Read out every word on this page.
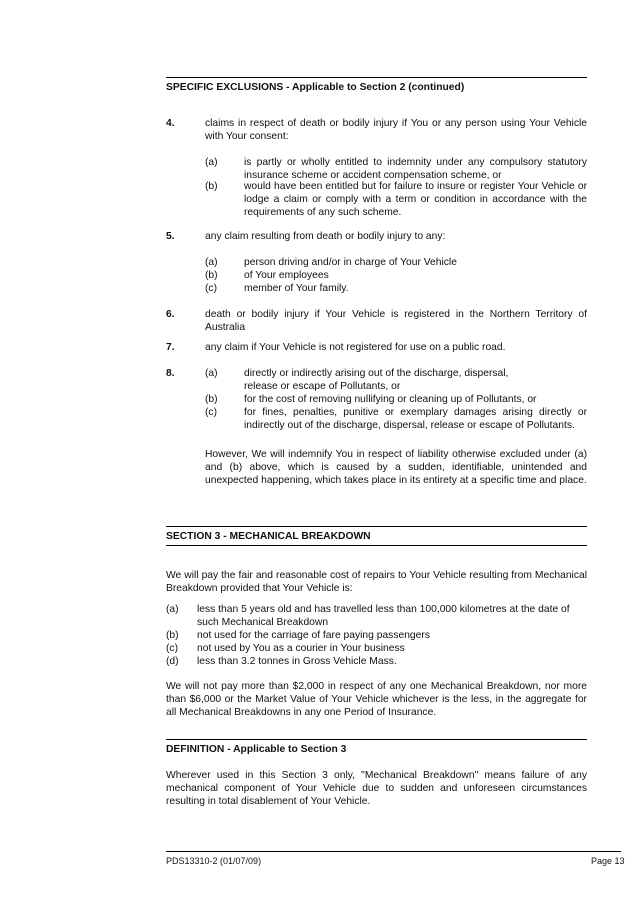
SPECIFIC EXCLUSIONS - Applicable to Section 2 (continued)
4.	claims in respect of death or bodily injury if You or any person using Your Vehicle with Your consent:
(a)	is partly or wholly entitled to indemnity under any compulsory statutory insurance scheme or accident compensation scheme, or
(b)	would have been entitled but for failure to insure or register Your Vehicle or lodge a claim or comply with a term or condition in accordance with the requirements of any such scheme.
5.	any claim resulting from death or bodily injury to any:
(a)	person driving and/or in charge of Your Vehicle
(b)	of Your employees
(c)	member of Your family.
6.	death or bodily injury if Your Vehicle is registered in the Northern Territory of Australia
7.	any claim if Your Vehicle is not registered for use on a public road.
8.	(a)	directly or indirectly arising out of the discharge, dispersal, release or escape of Pollutants, or
(b)	for the cost of removing nullifying or cleaning up of Pollutants, or
(c)	for fines, penalties, punitive or exemplary damages arising directly or indirectly out of the discharge, dispersal, release or escape of Pollutants.
However, We will indemnify You in respect of liability otherwise excluded under (a) and (b) above, which is caused by a sudden, identifiable, unintended and unexpected happening, which takes place in its entirety at a specific time and place.
SECTION 3 - MECHANICAL BREAKDOWN
We will pay the fair and reasonable cost of repairs to Your Vehicle resulting from Mechanical Breakdown provided that Your Vehicle is:
(a) less than 5 years old and has travelled less than 100,000 kilometres at the date of such Mechanical Breakdown
(b) not used for the carriage of fare paying passengers
(c) not used by You as a courier in Your business
(d) less than 3.2 tonnes in Gross Vehicle Mass.
We will not pay more than $2,000 in respect of any one Mechanical Breakdown, nor more than $6,000 or the Market Value of Your Vehicle whichever is the less, in the aggregate for all Mechanical Breakdowns in any one Period of Insurance.
DEFINITION - Applicable to Section 3
Wherever used in this Section 3 only, "Mechanical Breakdown" means failure of any mechanical component of Your Vehicle due to sudden and unforeseen circumstances resulting in total disablement of Your Vehicle.
PDS13310-2 (01/07/09)	Page 13
